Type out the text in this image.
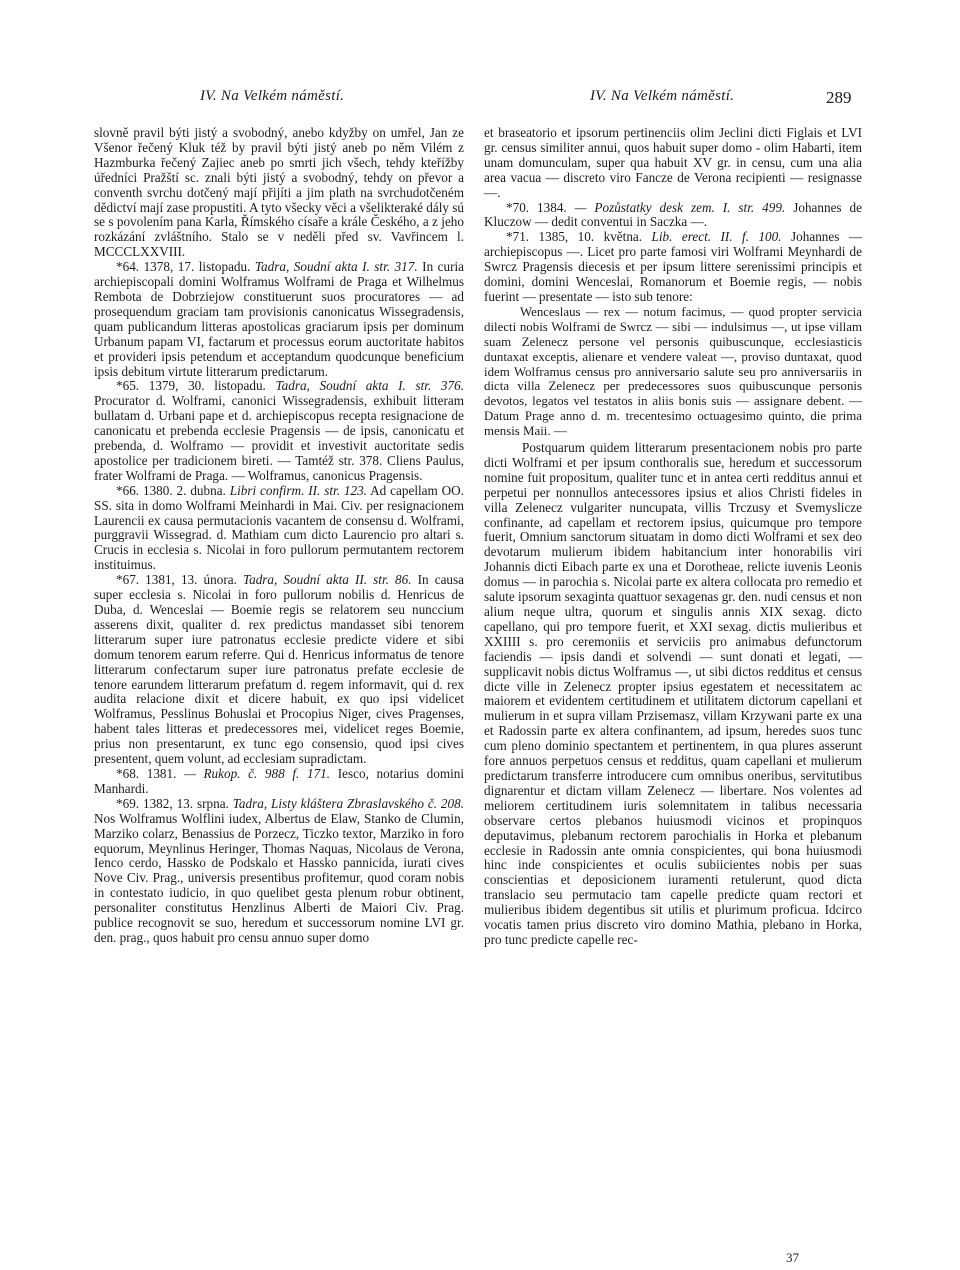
IV. Na Velkém náměstí.	IV. Na Velkém náměstí.	289

slovně pravil býti jistý a svobodný, anebo kdyžby on umřel, Jan ze Všenor řečený Kluk též by pravil býti jistý aneb po něm Vilém z Hazmburka řečený Zajiec aneb po smrti jich všech, tehdy kteřížby úředníci Pražští sc. znali býti jistý a svobodný, tehdy on převor a conventh svrchu dotčený mají přijíti a jim plath na svrchudotčeném dědictví mají zase propustiti. A tyto všecky věci a všelikteraké dály sú se s povolením pana Karla, Římského císaře a krále Českého, a z jeho rozkázání zvláštního. Stalo se v neděli před sv. Vavřincem l. MCCCLXXVIII.

*64. 1378, 17. listopadu. Tadra, Soudní akta I. str. 317. In curia archiepiscopali domini Wolframus Wolframi de Praga et Wilhelmus Rembota de Dobrziejow constituerunt suos procuratores — ad prosequendum graciam tam provisionis canonicatus Wissegradensis, quam publicandum litteras apostolicas graciarum ipsis per dominum Urbanum papam VI, factarum et processus eorum auctoritate habitos et provideri ipsis petendum et acceptandum quodcunque beneficium ipsis debitum virtute litterarum predictarum.

*65. 1379, 30. listopadu. Tadra, Soudní akta I. str. 376. Procurator d. Wolframi, canonici Wissegradensis, exhibuit litteram bullatam d. Urbani pape et d. archiepiscopus recepta resignacione de canonicatu et prebenda ecclesie Pragensis — de ipsis, canonicatu et prebenda, d. Wolframo — providit et investivit auctoritate sedis apostolice per tradicionem bireti. — Tamtéž str. 378. Cliens Paulus, frater Wolframi de Praga. — Wolframus, canonicus Pragensis.

*66. 1380. 2. dubna. Libri confirm. II. str. 123. Ad capellam OO. SS. sita in domo Wolframi Meinhardi in Mai. Civ. per resignacionem Laurencii ex causa permutacionis vacantem de consensu d. Wolframi, purggravii Wissegrad. d. Mathiam cum dicto Laurencio pro altari s. Crucis in ecclesia s. Nicolai in foro pullorum permutantem rectorem instituimus.

*67. 1381, 13. února. Tadra, Soudní akta II. str. 86. In causa super ecclesia s. Nicolai in foro pullorum nobilis d. Henricus de Duba, d. Wenceslai — Boemie regis se relatorem seu nunccium asserens dixit, qualiter d. rex predictus mandasset sibi tenorem litterarum super iure patronatus ecclesie predicte videre et sibi domum tenorem earum referre. Qui d. Henricus informatus de tenore litterarum confectarum super iure patronatus prefate ecclesie de tenore earundem litterarum prefatum d. regem informavit, qui d. rex audita relacione dixit et dicere habuit, ex quo ipsi videlicet Wolframus, Pesslinus Bohuslai et Procopius Niger, cives Pragenses, habent tales litteras et predecessores mei, videlicet reges Boemie, prius non presentarunt, ex tunc ego consensio, quod ipsi cives presentent, quem volunt, ad ecclesiam supradictam.

*68. 1381. — Rukop. č. 988 f. 171. Iesco, notarius domini Manhardi.

*69. 1382, 13. srpna. Tadra, Listy kláštera Zbraslavského č. 208. Nos Wolframus Wolflini iudex, Albertus de Elaw, Stanko de Clumin, Marziko colarz, Benassius de Porzecz, Ticzko textor, Marziko in foro equorum, Meynlinus Heringer, Thomas Naquas, Nicolaus de Verona, Ienco cerdo, Hassko de Podskalo et Hassko pannicida, iurati cives Nove Civ. Prag., universis presentibus profitemur, quod coram nobis in contestato iudicio, in quo quelibet gesta plenum robur obtinent, personaliter constitutus Henzlinus Alberti de Maiori Civ. Prag. publice recognovit se suo, heredum et successorum nomine LVI gr. den. prag., quos habuit pro censu annuo super domo

et braseatorio et ipsorum pertinenciis olim Jeclini dicti Figlais et LVI gr. census similiter annui, quos habuit super domo - olim Habarti, item unam domunculam, super qua habuit XV gr. in censu, cum una alia area vacua — discreto viro Fancze de Verona recipienti — resignasse —.

*70. 1384. — Pozůstatky desk zem. I. str. 499. Johannes de Kluczow — dedit conventui in Saczka —.

*71. 1385, 10. května. Lib. erect. II. f. 100. Johannes — archiepiscopus —. Licet pro parte famosi viri Wolframi Meynhardi de Swrcz Pragensis diecesis et per ipsum littere serenissimi principis et domini, domini Wenceslai, Romanorum et Boemie regis, — nobis fuerint — presentate — isto sub tenore:

Wenceslaus — rex — notum facimus, — quod propter servicia dilecti nobis Wolframi de Swrcz — sibi — indulsimus —, ut ipse villam suam Zelenecz persone vel personis quibuscunque, ecclesiasticis duntaxat exceptis, alienare et vendere valeat —, proviso duntaxat, quod idem Wolframus census pro anniversario salute seu pro anniversariis in dicta villa Zelenecz per predecessores suos quibuscunque personis devotos, legatos vel testatos in aliis bonis suis — assignare debent. — Datum Prage anno d. m. trecentesimo octuagesimo quinto, die prima mensis Maii. —

Postquarum quidem litterarum presentacionem nobis pro parte dicti Wolframi et per ipsum conthoralis sue, heredum et successorum nomine fuit propositum, qualiter tunc et in antea certi redditus annui et perpetui per nonnullos antecessores ipsius et alios Christi fideles in villa Zelenecz vulgariter nuncupata, villis Trczusy et Svemyslicze confinante, ad capellam et rectorem ipsius, quicumque pro tempore fuerit, Omnium sanctorum situatam in domo dicti Wolframi et sex deo devotarum mulierum ibidem habitancium inter honorabilis viri Johannis dicti Eibach parte ex una et Dorotheae, relicte iuvenis Leonis domus — in parochia s. Nicolai parte ex altera collocata pro remedio et salute ipsorum sexaginta quattuor sexagenas gr. den. nudi census et non alium neque ultra, quorum et singulis annis XIX sexag. dicto capellano, qui pro tempore fuerit, et XXI sexag. dictis mulieribus et XXIIII s. pro ceremoniis et serviciis pro animabus defunctorum faciendis — ipsis dandi et solvendi — sunt donati et legati, — supplicavit nobis dictus Wolframus —, ut sibi dictos redditus et census dicte ville in Zelenecz propter ipsius egestatem et necessitatem ac maiorem et evidentem certitudinem et utilitatem dictorum capellani et mulierum in et supra villam Przisemasz, villam Krzywani parte ex una et Radossin parte ex altera confinantem, ad ipsum, heredes suos tunc cum pleno dominio spectantem et pertinentem, in qua plures asserunt fore annuos perpetuos census et redditus, quam capellani et mulierum predictarum transferre introducere cum omnibus oneribus, servitutibus dignarentur et dictam villam Zelenecz — libertare. Nos volentes ad meliorem certitudinem iuris solemnitatem in talibus necessaria observare certos plebanos huiusmodi vicinos et propinquos deputavimus, plebanum rectorem parochialis in Horka et plebanum ecclesie in Radossin ante omnia conspicientes, qui bona huiusmodi hinc inde conspicientes et oculis subiicientes nobis per suas conscientias et deposicionem iuramenti retulerunt, quod dicta translacio seu permutacio tam capelle predicte quam rectori et mulieribus ibidem degentibus sit utilis et plurimum proficua. Idcirco vocatis tamen prius discreto viro domino Mathia, plebano in Horka, pro tunc predicte capelle rec-

37
